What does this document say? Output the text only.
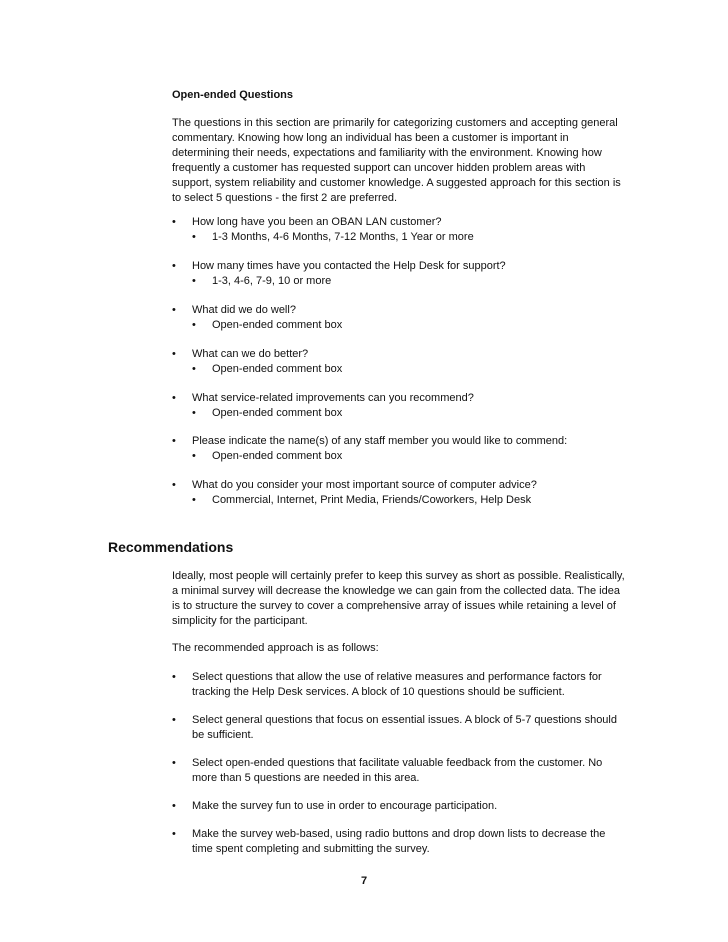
Open-ended Questions
The questions in this section are primarily for categorizing customers and accepting general commentary. Knowing how long an individual has been a customer is important in determining their needs, expectations and familiarity with the environment. Knowing how frequently a customer has requested support can uncover hidden problem areas with support, system reliability and customer knowledge. A suggested approach for this section is to select 5 questions - the first 2 are preferred.
• How long have you been an OBAN LAN customer?
• 1-3 Months, 4-6 Months, 7-12 Months, 1 Year or more
• How many times have you contacted the Help Desk for support?
• 1-3, 4-6, 7-9, 10 or more
• What did we do well?
• Open-ended comment box
• What can we do better?
• Open-ended comment box
• What service-related improvements can you recommend?
• Open-ended comment box
• Please indicate the name(s) of any staff member you would like to commend:
• Open-ended comment box
• What do you consider your most important source of computer advice?
• Commercial, Internet, Print Media, Friends/Coworkers, Help Desk
Recommendations
Ideally, most people will certainly prefer to keep this survey as short as possible. Realistically, a minimal survey will decrease the knowledge we can gain from the collected data. The idea is to structure the survey to cover a comprehensive array of issues while retaining a level of simplicity for the participant.
The recommended approach is as follows:
• Select questions that allow the use of relative measures and performance factors for tracking the Help Desk services. A block of 10 questions should be sufficient.
• Select general questions that focus on essential issues. A block of 5-7 questions should be sufficient.
• Select open-ended questions that facilitate valuable feedback from the customer. No more than 5 questions are needed in this area.
• Make the survey fun to use in order to encourage participation.
• Make the survey web-based, using radio buttons and drop down lists to decrease the time spent completing and submitting the survey.
7
